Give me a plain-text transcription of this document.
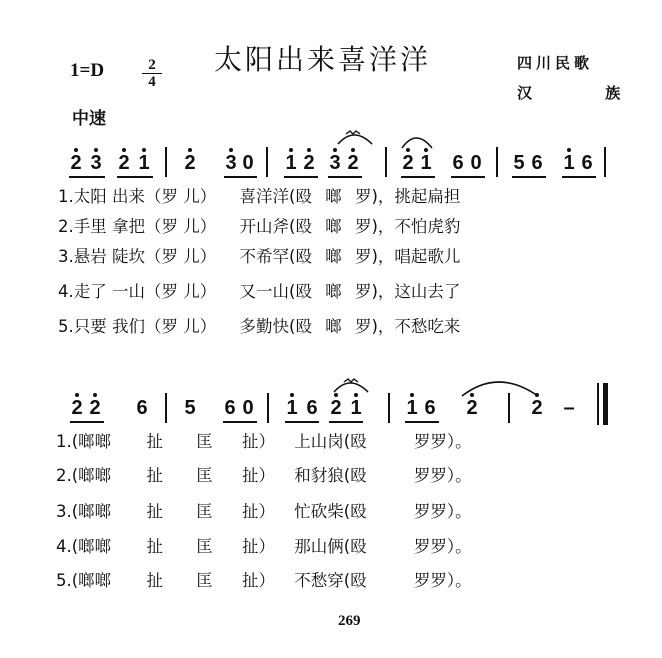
太阳出来喜洋洋
1=D	2
4
四川民歌
汉 族
中速
2 3 2 1 2 3 0 1 2 3 2 2 1 6 0 5 6 1 6
1.太阳 出来（罗 儿） 喜洋洋(殴 啷 罗)，挑起扁担
2.手里 拿把（罗 儿） 开山斧(殴 啷 罗)，不怕虎豹
3.悬岩 陡坎（罗 儿） 不希罕(殴 啷 罗)，唱起歌儿
4.走了 一山（罗 儿） 又一山(殴 啷 罗)，这山去了
5.只要 我们（罗 儿） 多勤快(殴 啷 罗)，不愁吃来
2 2 6 5 6 0 1 6 2 1 1 6 2	2 –
1.(啷啷 扯 匡 扯） 上山岗(殴	罗罗）。
2.(啷啷 扯 匡 扯） 和豺狼(殴	罗罗）。
3.(啷啷 扯 匡 扯） 忙砍柴(殴	罗罗）。
4.(啷啷 扯 匡 扯） 那山俩(殴	罗罗）。
5.(啷啷 扯 匡 扯） 不愁穿(殴	罗罗）。
269
